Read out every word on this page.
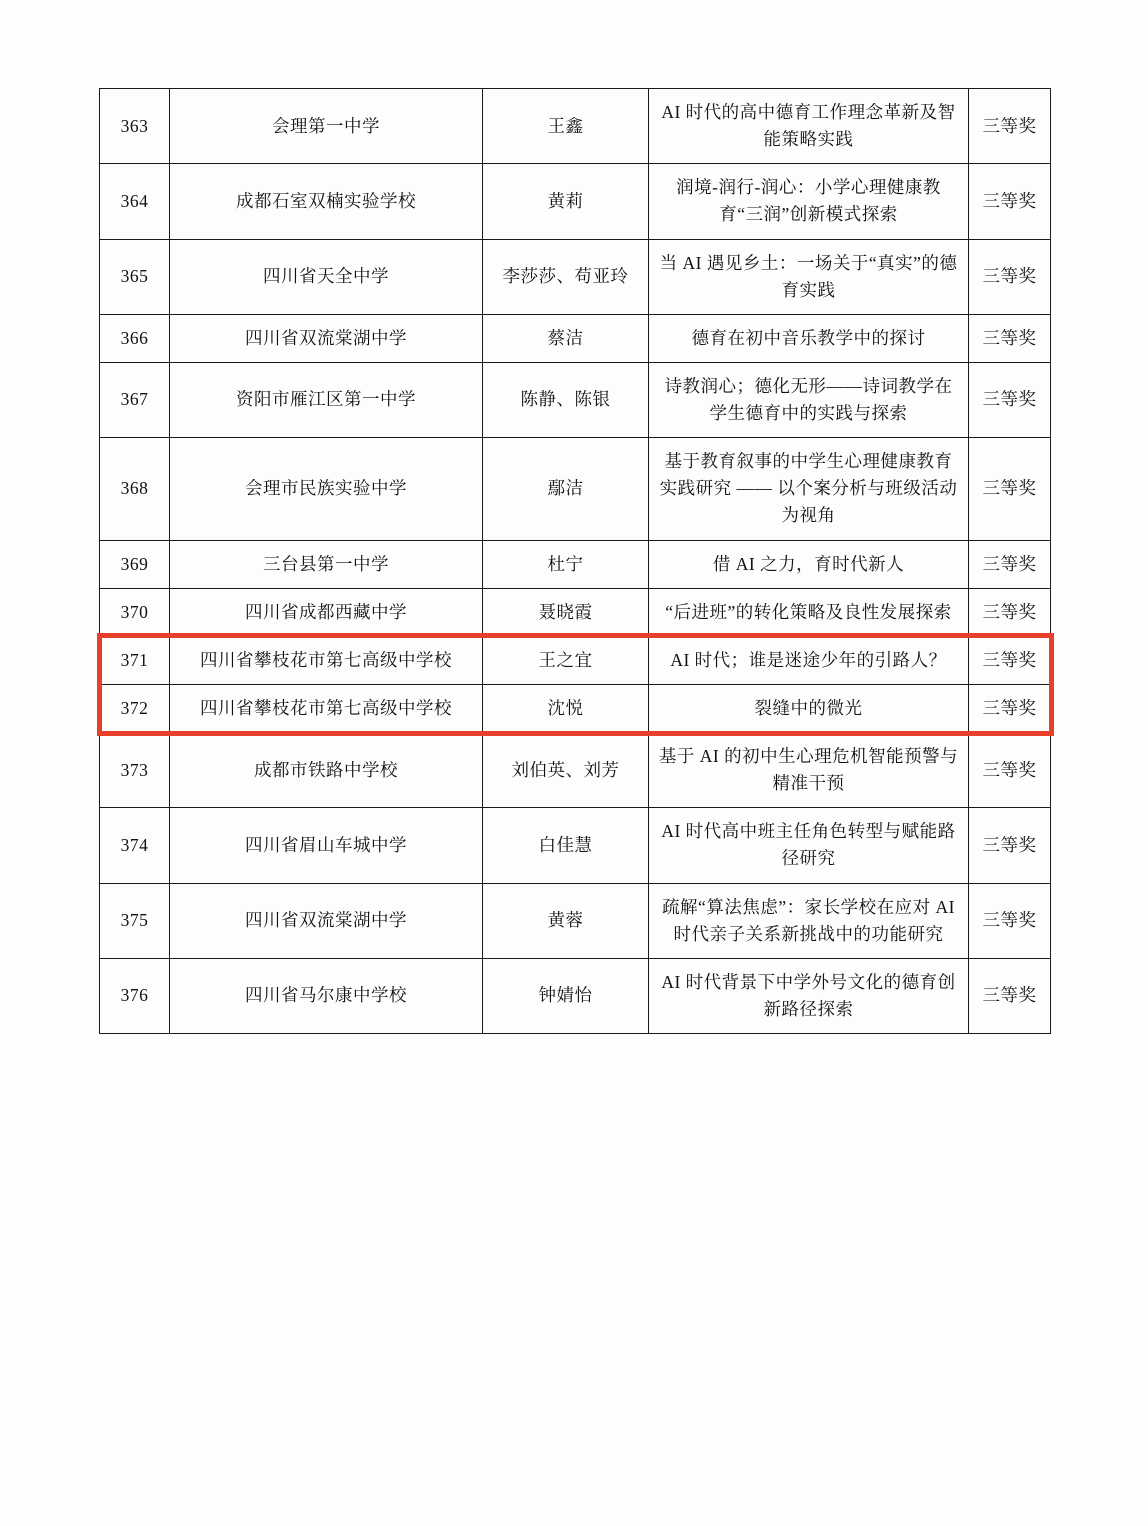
363	会理第一中学	王鑫	AI 时代的高中德育工作理念革新及智能策略实践	三等奖
364	成都石室双楠实验学校	黄莉	润境-润行-润心：小学心理健康教育“三润”创新模式探索	三等奖
365	四川省天全中学	李莎莎、苟亚玲	当 AI 遇见乡土：一场关于“真实”的德育实践	三等奖
366	四川省双流棠湖中学	蔡洁	德育在初中音乐教学中的探讨	三等奖
367	资阳市雁江区第一中学	陈静、陈银	诗教润心；德化无形——诗词教学在学生德育中的实践与探索	三等奖
368	会理市民族实验中学	鄢洁	基于教育叙事的中学生心理健康教育实践研究 —— 以个案分析与班级活动为视角	三等奖
369	三台县第一中学	杜宁	借 AI 之力，育时代新人	三等奖
370	四川省成都西藏中学	聂晓霞	“后进班”的转化策略及良性发展探索	三等奖
371	四川省攀枝花市第七高级中学校	王之宜	AI 时代；谁是迷途少年的引路人？	三等奖
372	四川省攀枝花市第七高级中学校	沈悦	裂缝中的微光	三等奖
373	成都市铁路中学校	刘伯英、刘芳	基于 AI 的初中生心理危机智能预警与精准干预	三等奖
374	四川省眉山车城中学	白佳慧	AI 时代高中班主任角色转型与赋能路径研究	三等奖
375	四川省双流棠湖中学	黄蓉	疏解“算法焦虑”：家长学校在应对 AI 时代亲子关系新挑战中的功能研究	三等奖
376	四川省马尔康中学校	钟婧怡	AI 时代背景下中学外号文化的德育创新路径探索	三等奖
